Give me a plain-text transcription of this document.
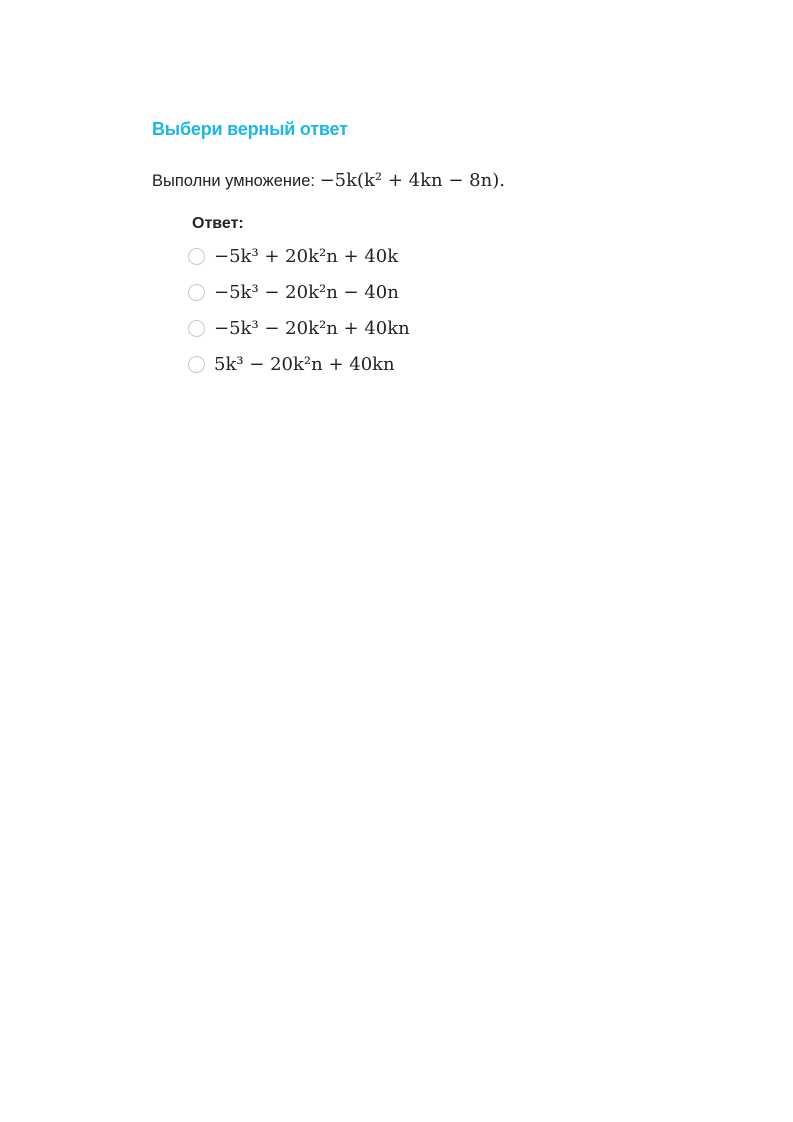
Выбери верный ответ
Выполни умножение: −5k(k² + 4kn − 8n).
Ответ:
−5k³ + 20k²n + 40k
−5k³ − 20k²n − 40n
−5k³ − 20k²n + 40kn
5k³ − 20k²n + 40kn
